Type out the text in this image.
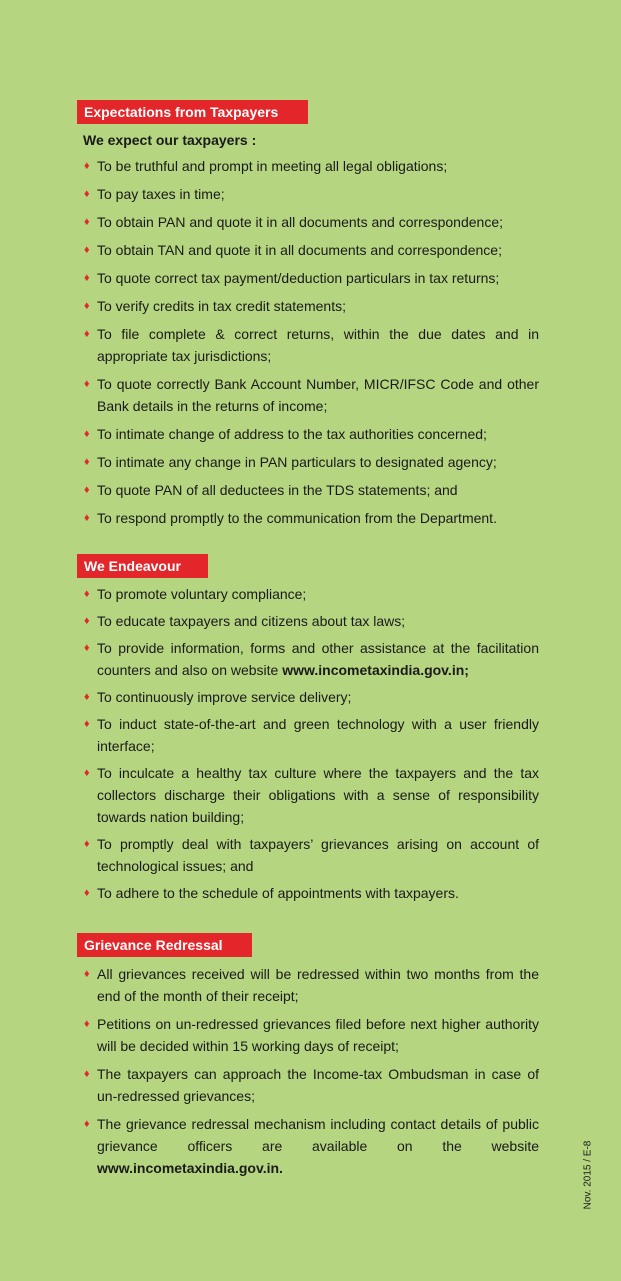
Expectations from Taxpayers
We expect our taxpayers :
♦ To be truthful and prompt in meeting all legal obligations;
♦ To pay taxes in time;
♦ To obtain PAN and quote it in all documents and correspondence;
♦ To obtain TAN and quote it in all documents and correspondence;
♦ To quote correct tax payment/deduction particulars in tax returns;
♦ To verify credits in tax credit statements;
♦ To file complete & correct returns, within the due dates and in appropriate tax jurisdictions;
♦ To quote correctly Bank Account Number, MICR/IFSC Code and other Bank details in the returns of income;
♦ To intimate change of address to the tax authorities concerned;
♦ To intimate any change in PAN particulars to designated agency;
♦ To quote PAN of all deductees in the TDS statements; and
♦ To respond promptly to the communication from the Department.
We Endeavour
♦ To promote voluntary compliance;
♦ To educate taxpayers and citizens about tax laws;
♦ To provide information, forms and other assistance at the facilitation counters and also on website www.incometaxindia.gov.in;
♦ To continuously improve service delivery;
♦ To induct state-of-the-art and green technology with a user friendly interface;
♦ To inculcate a healthy tax culture where the taxpayers and the tax collectors discharge their obligations with a sense of responsibility towards nation building;
♦ To promptly deal with taxpayers’ grievances arising on account of technological issues; and
♦ To adhere to the schedule of appointments with taxpayers.
Grievance Redressal
♦ All grievances received will be redressed within two months from the end of the month of their receipt;
♦ Petitions on un-redressed grievances filed before next higher authority will be decided within 15 working days of receipt;
♦ The taxpayers can approach the Income-tax Ombudsman in case of un-redressed grievances;
♦ The grievance redressal mechanism including contact details of public grievance officers are available on the website www.incometaxindia.gov.in.	Nov. 2015 / E-8
